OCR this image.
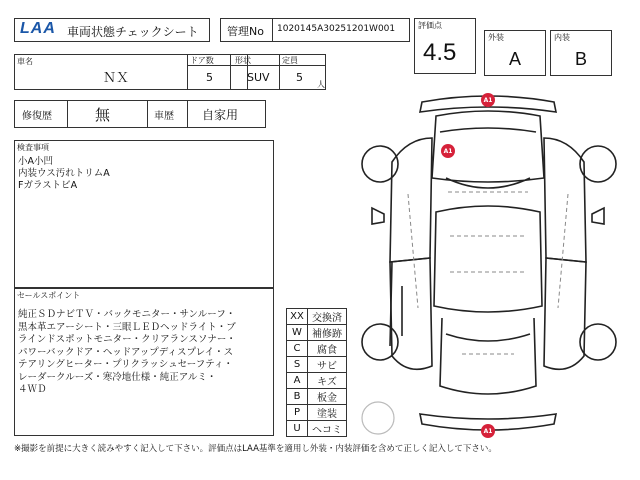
LAA 車両状態チェックシート	管理No 1020145A30251201W001	評価点
4.5
外装
A
内装
B
車名
ＮＸ
ドア数
5
形状
SUV
定員
5
人
修復歴	無	車歴 自家用
検査事項
小A小凹
内装ウス汚れトリムA
FガラストビA
セールスポイント
純正ＳＤナビＴＶ・バックモニター・サンルーフ・
黒本革エアーシート・三眼ＬＥＤヘッドライト・ブ
ラインドスポットモニター・クリアランスソナー・
パワーバックドア・ヘッドアップディスプレイ・ス
テアリングヒーター・プリクラッシュセーフティ・
レーダークルーズ・寒冷地仕様・純正アルミ・
４ＷＤ
XX 交換済
W	補修跡
C	腐食
S	サビ
A	キズ
B	板金
P	塗装
U	ヘコミ
A1
A1
A1
※撮影を前提に大きく読みやすく記入して下さい。評価点はLAA基準を適用し外装・内装評価を含めて正しく記入して下さい。
